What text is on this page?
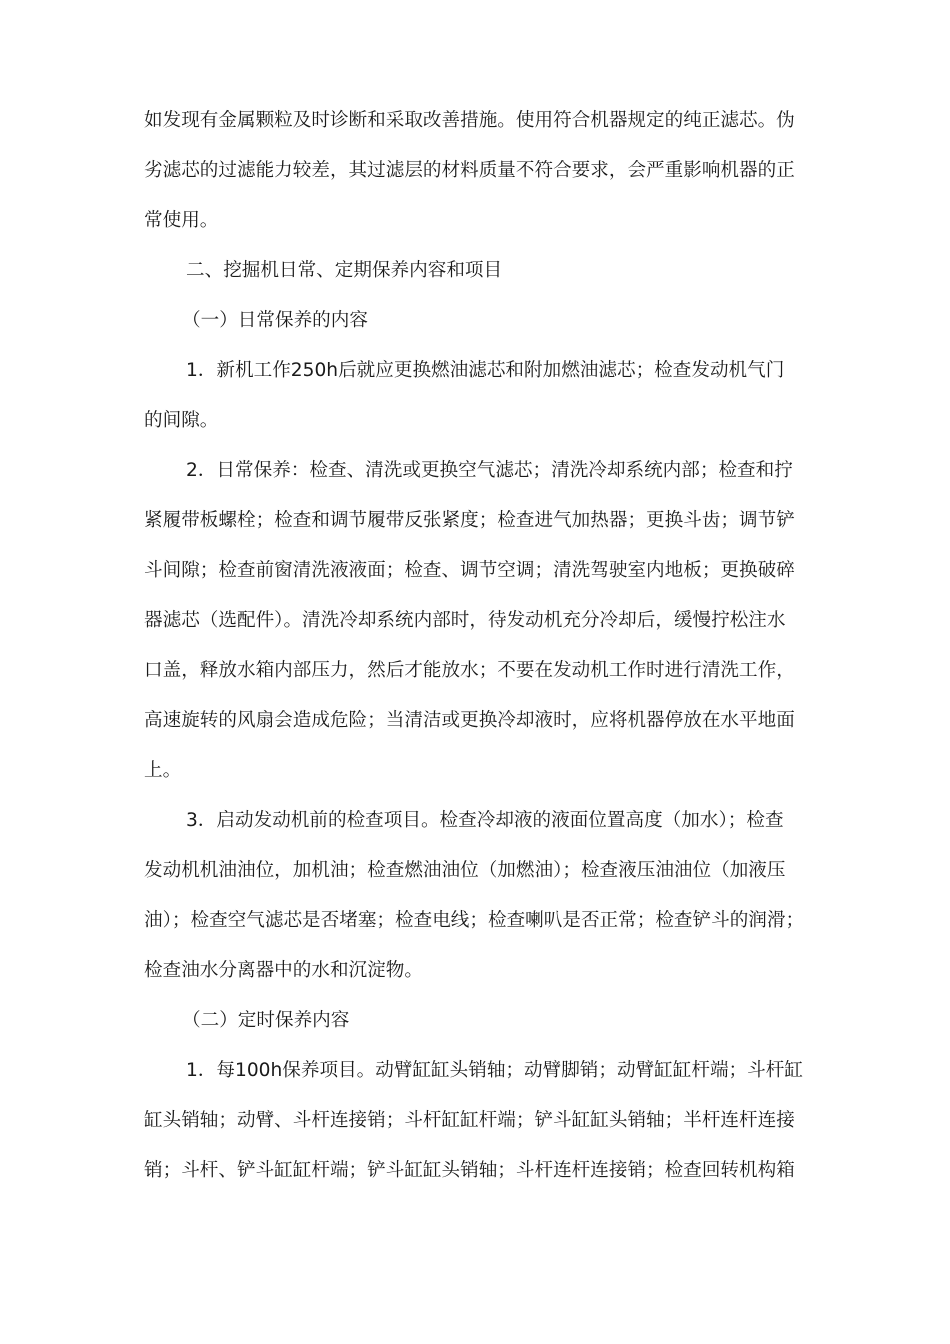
如发现有金属颗粒及时诊断和采取改善措施。使用符合机器规定的纯正滤芯。伪
劣滤芯的过滤能力较差，其过滤层的材料质量不符合要求，会严重影响机器的正
常使用。
二、挖掘机日常、定期保养内容和项目
（一）日常保养的内容
1．新机工作250h后就应更换燃油滤芯和附加燃油滤芯；检查发动机气门
的间隙。
2．日常保养：检查、清洗或更换空气滤芯；清洗冷却系统内部；检查和拧
紧履带板螺栓；检查和调节履带反张紧度；检查进气加热器；更换斗齿；调节铲
斗间隙；检查前窗清洗液液面；检查、调节空调；清洗驾驶室内地板；更换破碎
器滤芯（选配件）。清洗冷却系统内部时，待发动机充分冷却后，缓慢拧松注水
口盖，释放水箱内部压力，然后才能放水；不要在发动机工作时进行清洗工作，
高速旋转的风扇会造成危险；当清洁或更换冷却液时，应将机器停放在水平地面
上。
3．启动发动机前的检查项目。检查冷却液的液面位置高度（加水）；检查
发动机机油油位，加机油；检查燃油油位（加燃油）；检查液压油油位（加液压
油）；检查空气滤芯是否堵塞；检查电线；检查喇叭是否正常；检查铲斗的润滑；
检查油水分离器中的水和沉淀物。
（二）定时保养内容
1．每100h保养项目。动臂缸缸头销轴；动臂脚销；动臂缸缸杆端；斗杆缸
缸头销轴；动臂、斗杆连接销；斗杆缸缸杆端；铲斗缸缸头销轴；半杆连杆连接
销；斗杆、铲斗缸缸杆端；铲斗缸缸头销轴；斗杆连杆连接销；检查回转机构箱
